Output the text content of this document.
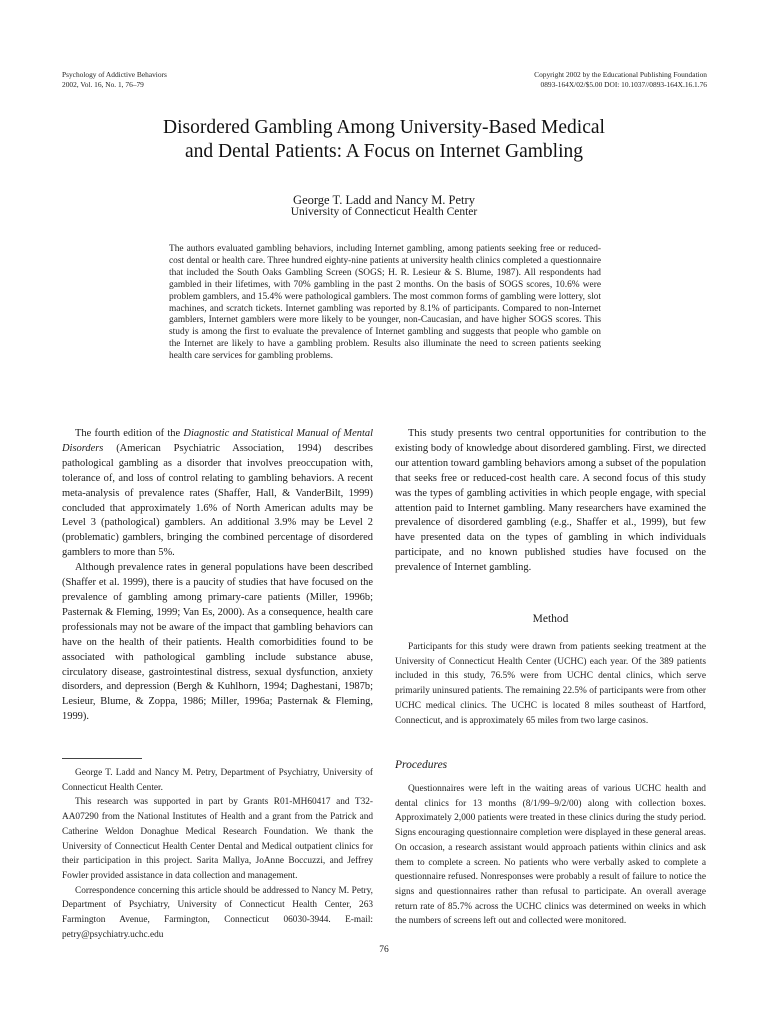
Psychology of Addictive Behaviors
2002, Vol. 16, No. 1, 76–79
Copyright 2002 by the Educational Publishing Foundation
0893-164X/02/$5.00 DOI: 10.1037//0893-164X.16.1.76
Disordered Gambling Among University-Based Medical
and Dental Patients: A Focus on Internet Gambling
George T. Ladd and Nancy M. Petry
University of Connecticut Health Center
The authors evaluated gambling behaviors, including Internet gambling, among patients seeking free or reduced-cost dental or health care. Three hundred eighty-nine patients at university health clinics completed a questionnaire that included the South Oaks Gambling Screen (SOGS; H. R. Lesieur & S. Blume, 1987). All respondents had gambled in their lifetimes, with 70% gambling in the past 2 months. On the basis of SOGS scores, 10.6% were problem gamblers, and 15.4% were pathological gamblers. The most common forms of gambling were lottery, slot machines, and scratch tickets. Internet gambling was reported by 8.1% of participants. Compared to non-Internet gamblers, Internet gamblers were more likely to be younger, non-Caucasian, and have higher SOGS scores. This study is among the first to evaluate the prevalence of Internet gambling and suggests that people who gamble on the Internet are likely to have a gambling problem. Results also illuminate the need to screen patients seeking health care services for gambling problems.

The fourth edition of the Diagnostic and Statistical Manual of Mental Disorders (American Psychiatric Association, 1994) describes pathological gambling as a disorder that involves preoccupation with, tolerance of, and loss of control relating to gambling behaviors. A recent meta-analysis of prevalence rates (Shaffer, Hall, & VanderBilt, 1999) concluded that approximately 1.6% of North American adults may be Level 3 (pathological) gamblers. An additional 3.9% may be Level 2 (problematic) gamblers, bringing the combined percentage of disordered gamblers to more than 5%.

Although prevalence rates in general populations have been described (Shaffer et al. 1999), there is a paucity of studies that have focused on the prevalence of gambling among primary-care patients (Miller, 1996b; Pasternak & Fleming, 1999; Van Es, 2000). As a consequence, health care professionals may not be aware of the impact that gambling behaviors can have on the health of their patients. Health comorbidities found to be associated with pathological gambling include substance abuse, circulatory disease, gastrointestinal distress, sexual dysfunction, anxiety disorders, and depression (Bergh & Kuhlhorn, 1994; Daghestani, 1987b; Lesieur, Blume, & Zoppa, 1986; Miller, 1996a; Pasternak & Fleming, 1999).

George T. Ladd and Nancy M. Petry, Department of Psychiatry, University of Connecticut Health Center.

This research was supported in part by Grants R01-MH60417 and T32-AA07290 from the National Institutes of Health and a grant from the Patrick and Catherine Weldon Donaghue Medical Research Foundation. We thank the University of Connecticut Health Center Dental and Medical outpatient clinics for their participation in this project. Sarita Mallya, JoAnne Boccuzzi, and Jeffrey Fowler provided assistance in data collection and management.

Correspondence concerning this article should be addressed to Nancy M. Petry, Department of Psychiatry, University of Connecticut Health Center, 263 Farmington Avenue, Farmington, Connecticut 06030-3944. E-mail: petry@psychiatry.uchc.edu

This study presents two central opportunities for contribution to the existing body of knowledge about disordered gambling. First, we directed our attention toward gambling behaviors among a subset of the population that seeks free or reduced-cost health care. A second focus of this study was the types of gambling activities in which people engage, with special attention paid to Internet gambling. Many researchers have examined the prevalence of disordered gambling (e.g., Shaffer et al., 1999), but few have presented data on the types of gambling in which individuals participate, and no known published studies have focused on the prevalence of Internet gambling.

Method

Participants for this study were drawn from patients seeking treatment at the University of Connecticut Health Center (UCHC) each year. Of the 389 patients included in this study, 76.5% were from UCHC dental clinics, which serve primarily uninsured patients. The remaining 22.5% of participants were from other UCHC medical clinics. The UCHC is located 8 miles southeast of Hartford, Connecticut, and is approximately 65 miles from two large casinos.

Procedures

Questionnaires were left in the waiting areas of various UCHC health and dental clinics for 13 months (8/1/99–9/2/00) along with collection boxes. Approximately 2,000 patients were treated in these clinics during the study period. Signs encouraging questionnaire completion were displayed in these general areas. On occasion, a research assistant would approach patients within clinics and ask them to complete a screen. No patients who were verbally asked to complete a questionnaire refused. Nonresponses were probably a result of failure to notice the signs and questionnaires rather than refusal to participate. An overall average return rate of 85.7% across the UCHC clinics was determined on weeks in which the numbers of screens left out and collected were monitored.

76
